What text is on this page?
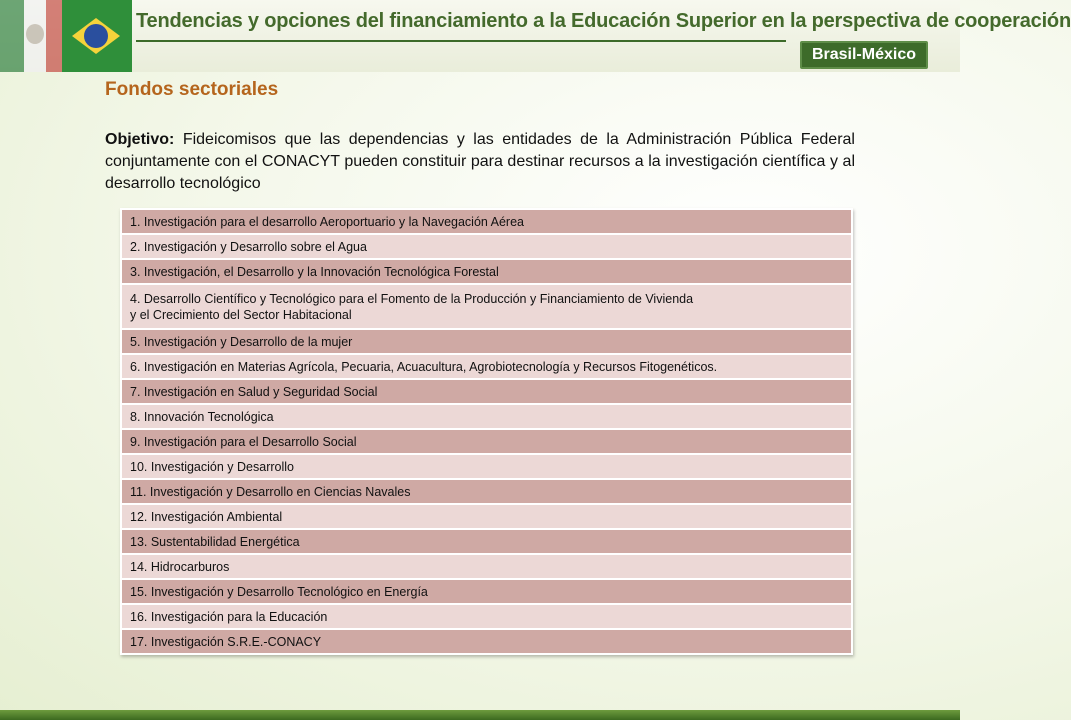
Tendencias y opciones del financiamiento a la Educación Superior en la perspectiva de cooperación
Brasil-México
Fondos sectoriales

Objetivo: Fideicomisos que las dependencias y las entidades de la Administración Pública Federal conjuntamente con el CONACYT pueden constituir para destinar recursos a la investigación científica y al desarrollo tecnológico

1. Investigación para el desarrollo Aeroportuario y la Navegación Aérea

2. Investigación y Desarrollo sobre el Agua

3. Investigación, el Desarrollo y la Innovación Tecnológica Forestal

4. Desarrollo Científico y Tecnológico para el Fomento de la Producción y Financiamiento de Vivienda
y el Crecimiento del Sector Habitacional

5. Investigación y Desarrollo de la mujer

6. Investigación en Materias Agrícola, Pecuaria, Acuacultura, Agrobiotecnología y Recursos Fitogenéticos.

7. Investigación en Salud y Seguridad Social

8. Innovación Tecnológica

9. Investigación para el Desarrollo Social

10. Investigación y Desarrollo

11. Investigación y Desarrollo en Ciencias Navales

12. Investigación Ambiental

13. Sustentabilidad Energética

14. Hidrocarburos

15. Investigación y Desarrollo Tecnológico en Energía

16. Investigación para la Educación

17. Investigación S.R.E.-CONACY
